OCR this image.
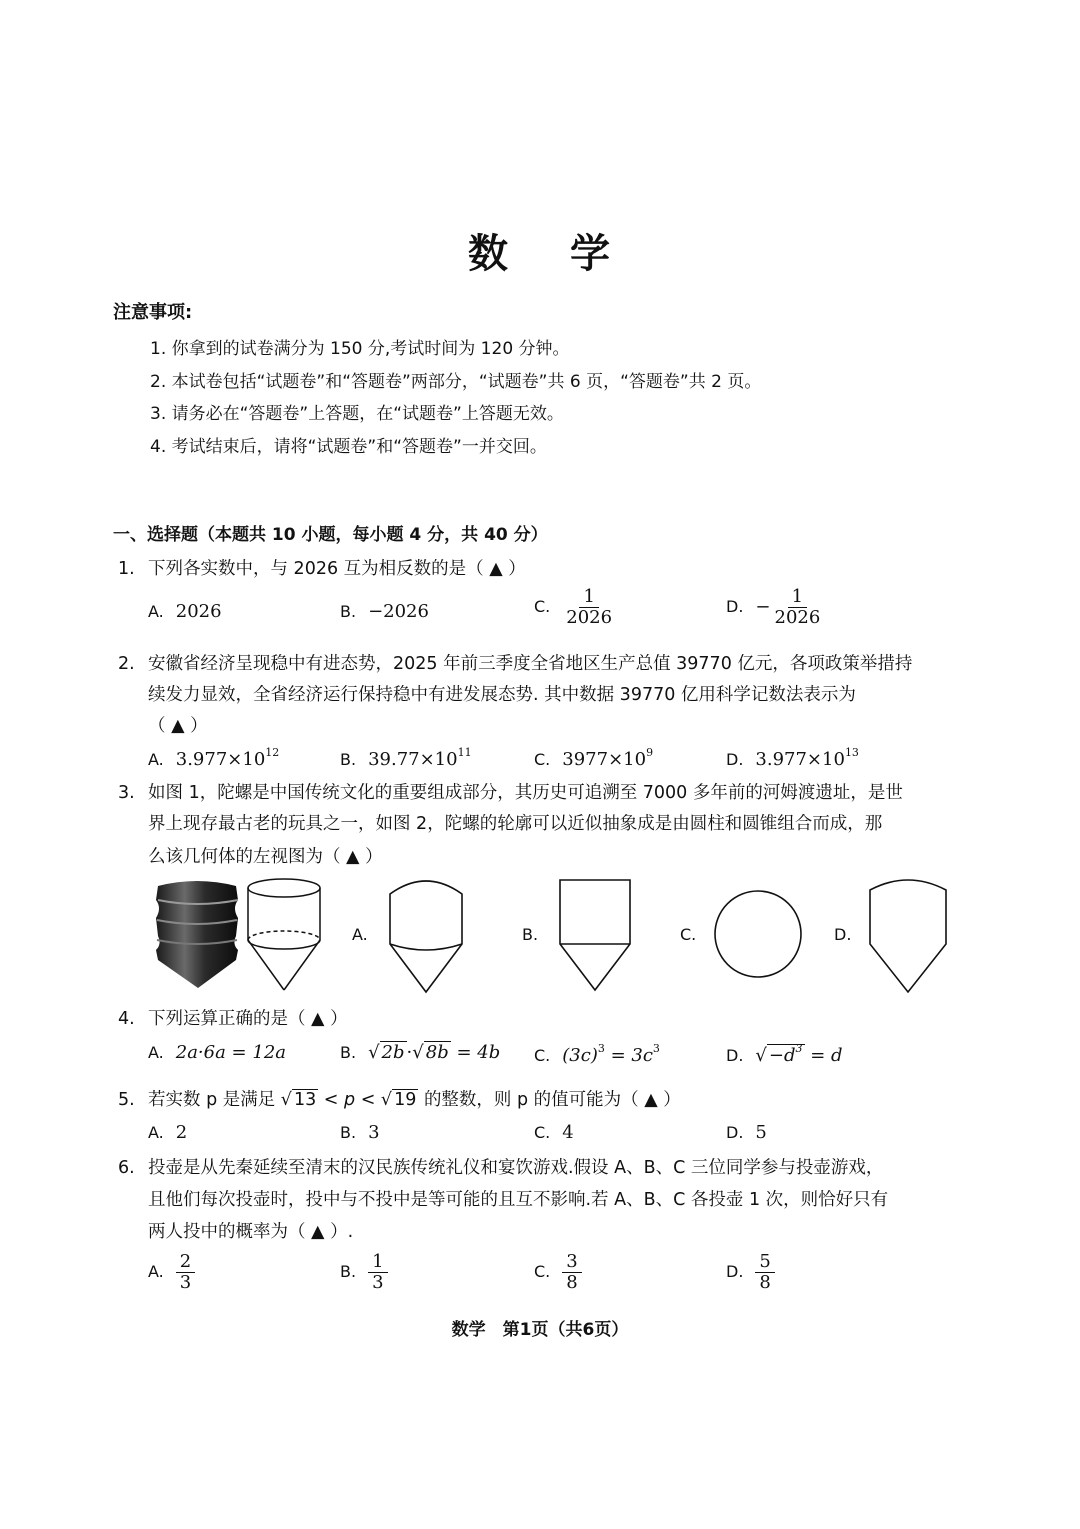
数 学
注意事项:
1. 你拿到的试卷满分为 150 分,考试时间为 120 分钟。
2. 本试卷包括“试题卷”和“答题卷”两部分，“试题卷”共 6 页，“答题卷”共 2 页。
3. 请务必在“答题卷”上答题，在“试题卷”上答题无效。
4. 考试结束后，请将“试题卷”和“答题卷”一并交回。
一、选择题（本题共 10 小题，每小题 4 分，共 40 分）
1. 下列各实数中，与 2026 互为相反数的是（ ▲ ）
A. 2026	B. −2026	C. $\frac{1}{2026}$	D. − $\frac{1}{2026}$
2. 安徽省经济呈现稳中有进态势，2025 年前三季度全省地区生产总值 39770 亿元，各项政策举措持
续发力显效，全省经济运行保持稳中有进发展态势. 其中数据 39770 亿用科学记数法表示为
（ ▲ ）
A. $3.977\times 10^{12}$	B. $39.77\times 10^{11}$	C. $3977\times 10^9$	D. $3.977\times 10^{13}$
3. 如图 1，陀螺是中国传统文化的重要组成部分，其历史可追溯至 7000 多年前的河姆渡遗址，是世
界上现存最古老的玩具之一，如图 2，陀螺的轮廓可以近似抽象成是由圆柱和圆锥组合而成，那
么该几何体的左视图为（ ▲ ）
A.	B.	C.	D.
4. 下列运算正确的是（ ▲ ）
A. 2a·6a = 12a	B. √ 2b ·√ 8b = 4b C. $(3c)^3 = 3c^3$	D. √ $-d^3 = d$
5. 若实数 p 是满足 √ 13 < p < √ 19 的整数，则 p 的值可能为（ ▲ ）
A. 2	B. 3	C. 4	D. 5
6. 投壶是从先秦延续至清末的汉民族传统礼仪和宴饮游戏.假设 A、B、C 三位同学参与投壶游戏，
且他们每次投壶时，投中与不投中是等可能的且互不影响.若 A、B、C 各投壶 1 次，则恰好只有
两人投中的概率为（ ▲ ）.
A. $\frac{2}{3}$	B. $\frac{1}{3}$	C. $\frac{3}{8}$	D. $\frac{5}{8}$
数学　第1页（共6页）
